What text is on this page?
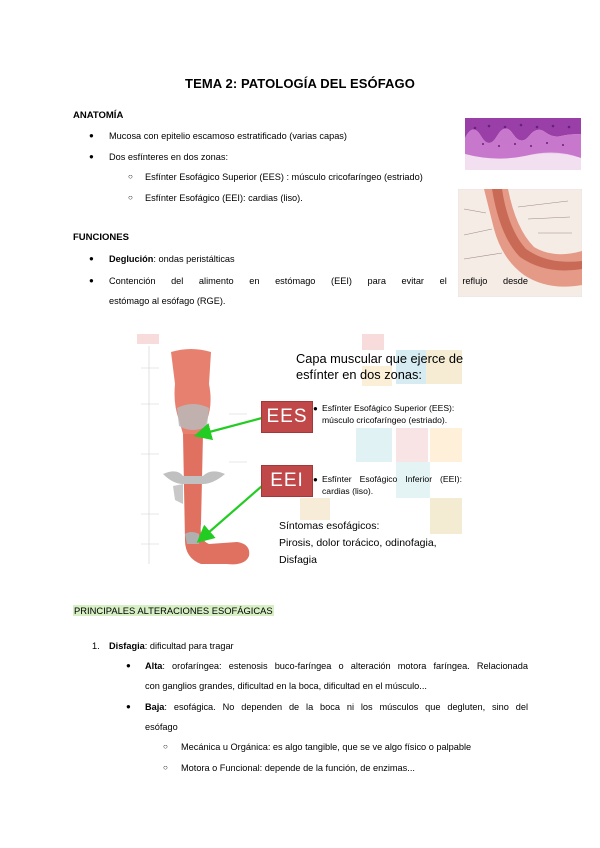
TEMA 2: PATOLOGÍA DEL ESÓFAGO
ANATOMÍA
● Mucosa con epitelio escamoso estratificado (varias capas)
● Dos esfínteres en dos zonas:
○ Esfínter Esofágico Superior (EES) : músculo cricofaríngeo (estriado)
○ Esfínter Esofágico (EEI): cardias (liso).
FUNCIONES
● Deglución: ondas peristálticas
● Contención del alimento en estómago (EEI) para evitar el reflujo desde
estómago al esófago (RGE).
Capa muscular que ejerce de
esfínter en dos zonas:
EES ● Esfínter Esofágico Superior (EES):
músculo cricofaríngeo (estriado).
EEI	● Esfínter Esofágico Inferior (EEI):
cardias (liso).
Síntomas esofágicos:
Pirosis, dolor torácico, odinofagia,
Disfagia
PRINCIPALES ALTERACIONES ESOFÁGICAS
1. Disfagia: dificultad para tragar
● Alta: orofaríngea: estenosis buco-faríngea o alteración motora faríngea. Relacionada
con ganglios grandes, dificultad en la boca, dificultad en el músculo...
● Baja: esofágica. No dependen de la boca ni los músculos que degluten, sino del
esófago
○ Mecánica u Orgánica: es algo tangible, que se ve algo físico o palpable
○ Motora o Funcional: depende de la función, de enzimas...
